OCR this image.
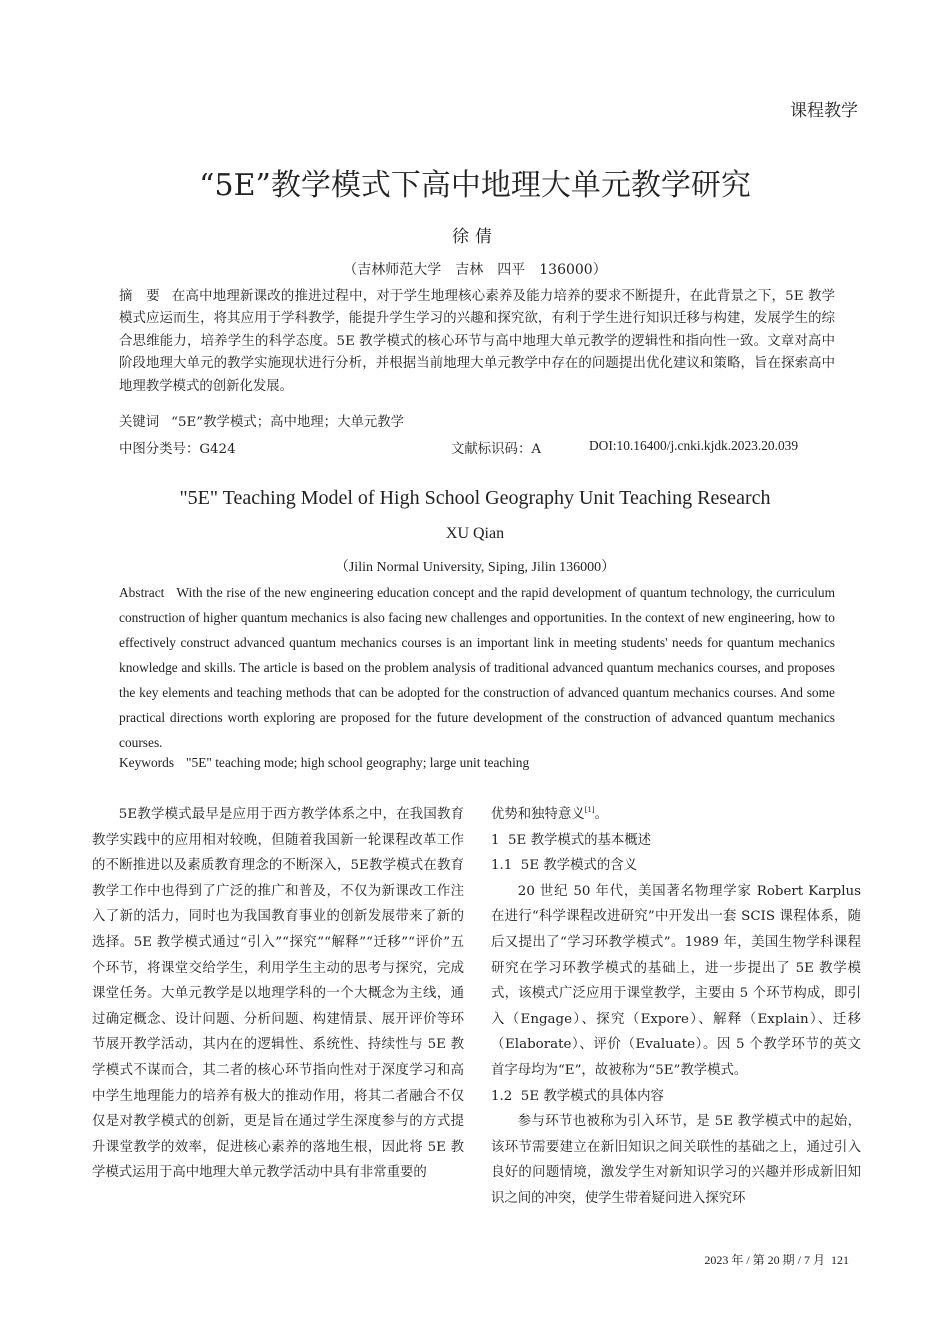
课程教学
“5E”教学模式下高中地理大单元教学研究
徐倩
（吉林师范大学　吉林　四平　136000）
摘　要 在高中地理新课改的推进过程中，对于学生地理核心素养及能力培养的要求不断提升，在此背景之下，5E 教学模式应运而生，将其应用于学科教学，能提升学生学习的兴趣和探究欲，有利于学生进行知识迁移与构建，发展学生的综合思维能力，培养学生的科学态度。5E 教学模式的核心环节与高中地理大单元教学的逻辑性和指向性一致。文章对高中阶段地理大单元的教学实施现状进行分析，并根据当前地理大单元教学中存在的问题提出优化建议和策略，旨在探索高中地理教学模式的创新化发展。
关键词 “5E”教学模式；高中地理；大单元教学
中图分类号：G424	文献标识码：A	DOI:10.16400/j.cnki.kjdk.2023.20.039
"5E" Teaching Model of High School Geography Unit Teaching Research
XU Qian
（Jilin Normal University, Siping, Jilin 136000）
Abstract With the rise of the new engineering education concept and the rapid development of quantum technology, the curriculum construction of higher quantum mechanics is also facing new challenges and opportunities. In the context of new engineering, how to effectively construct advanced quantum mechanics courses is an important link in meeting students' needs for quantum mechanics knowledge and skills. The article is based on the problem analysis of traditional advanced quantum mechanics courses, and proposes the key elements and teaching methods that can be adopted for the construction of advanced quantum mechanics courses. And some practical directions worth exploring are proposed for the future development of the construction of advanced quantum mechanics courses.
Keywords "5E" teaching mode; high school geography; large unit teaching

5E教学模式最早是应用于西方教学体系之中，在我国教育教学实践中的应用相对较晚，但随着我国新一轮课程改革工作的不断推进以及素质教育理念的不断深入，5E教学模式在教育教学工作中也得到了广泛的推广和普及，不仅为新课改工作注入了新的活力，同时也为我国教育事业的创新发展带来了新的选择。5E 教学模式通过“引入”“探究”“解释”“迁移”“评价”五个环节，将课堂交给学生，利用学生主动的思考与探究，完成课堂任务。大单元教学是以地理学科的一个大概念为主线，通过确定概念、设计问题、分析问题、构建情景、展开评价等环节展开教学活动，其内在的逻辑性、系统性、持续性与 5E 教学模式不谋而合，其二者的核心环节指向性对于深度学习和高中学生地理能力的培养有极大的推动作用，将其二者融合不仅仅是对教学模式的创新，更是旨在通过学生深度参与的方式提升课堂教学的效率，促进核心素养的落地生根，因此将 5E 教学模式运用于高中地理大单元教学活动中具有非常重要的

优势和独特意义[1]。

1  5E 教学模式的基本概述

1.1  5E 教学模式的含义

20 世纪 50 年代，美国著名物理学家 Robert Karplus 在进行“科学课程改进研究”中开发出一套 SCIS 课程体系，随后又提出了“学习环教学模式”。1989 年，美国生物学科课程研究在学习环教学模式的基础上，进一步提出了 5E 教学模式，该模式广泛应用于课堂教学，主要由 5 个环节构成，即引入（Engage）、探究（Expore）、解释（Explain）、迁移（Elaborate）、评价（Evaluate）。因 5 个教学环节的英文首字母均为“E”，故被称为“5E”教学模式。

1.2  5E 教学模式的具体内容

参与环节也被称为引入环节，是 5E 教学模式中的起始，该环节需要建立在新旧知识之间关联性的基础之上，通过引入良好的问题情境，激发学生对新知识学习的兴趣并形成新旧知识之间的冲突，使学生带着疑问进入探究环

2023 年 / 第 20 期 / 7 月  121
